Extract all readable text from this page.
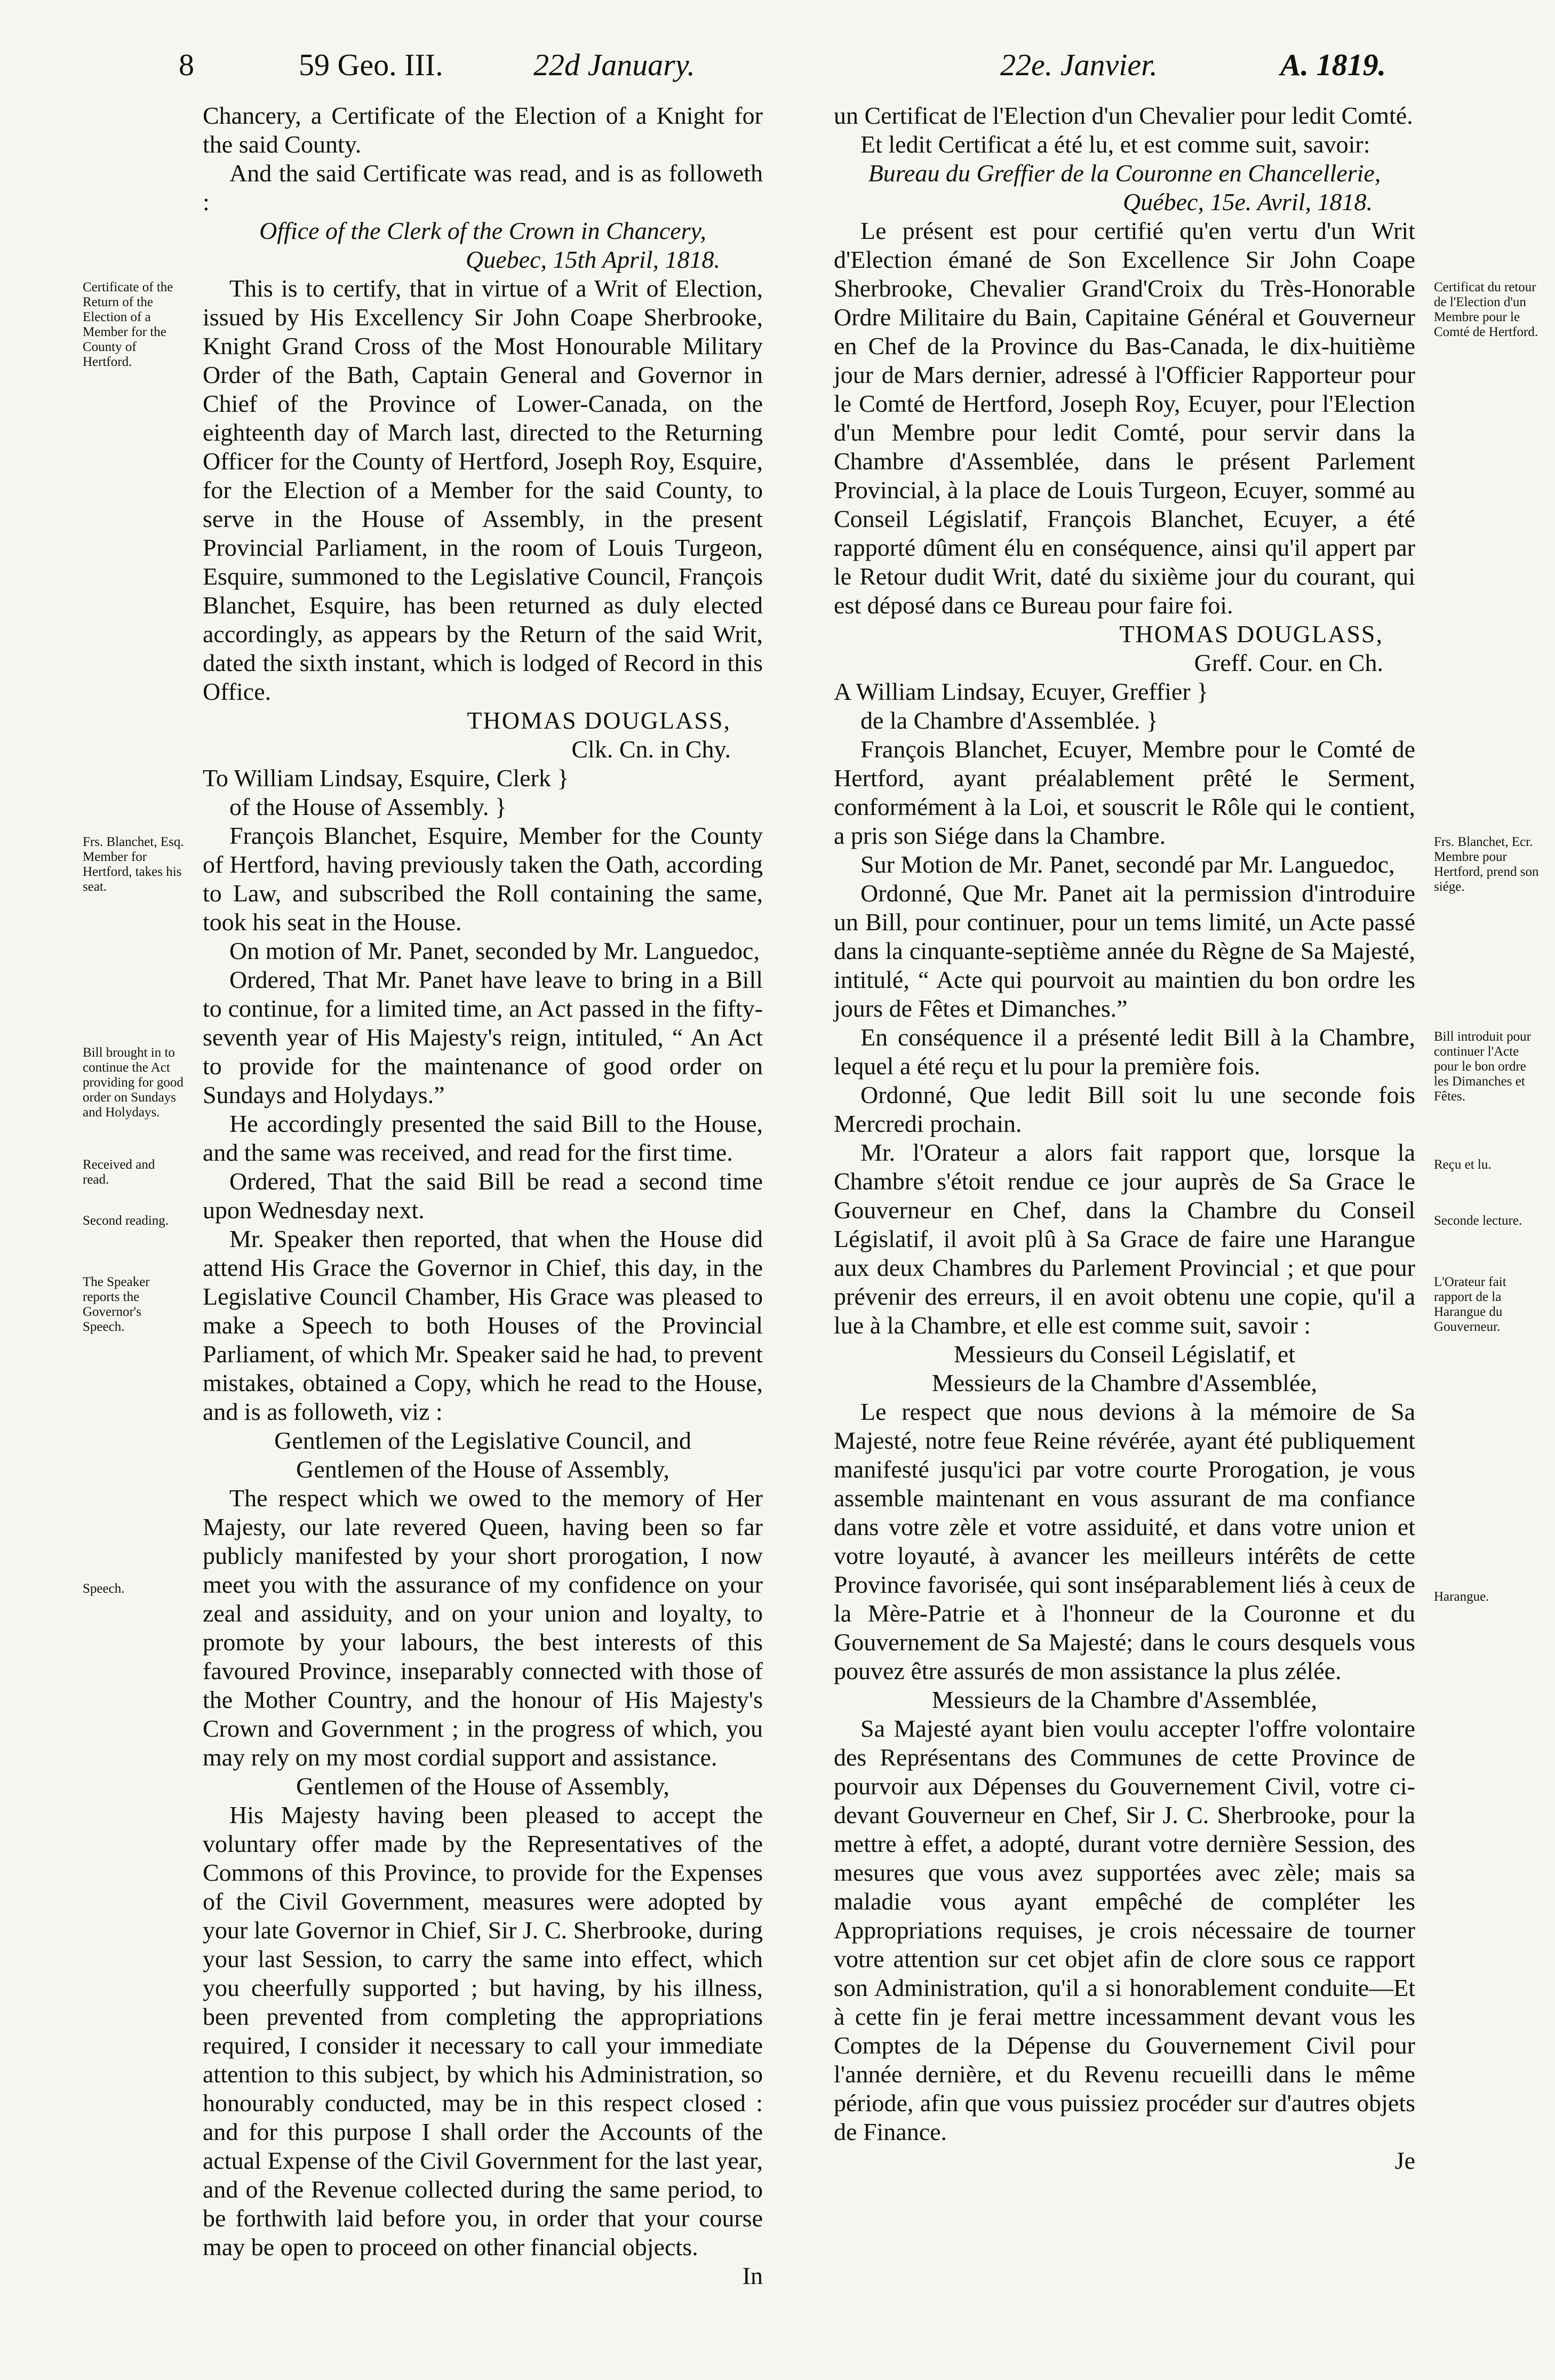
8	59 Geo. III.	22d January.	22e. Janvier.	A. 1819.

Chancery, a Certificate of the Election of a Knight for the said County.

And the said Certificate was read, and is as followeth :

Office of the Clerk of the Crown in Chancery,

Quebec, 15th April, 1818.

This is to certify, that in virtue of a Writ of Election, issued by His Excellency Sir John Coape Sherbrooke, Knight Grand Cross of the Most Honourable Military Order of the Bath, Captain General and Governor in Chief of the Province of Lower-Canada, on the eighteenth day of March last, directed to the Returning Officer for the County of Hertford, Joseph Roy, Esquire, for the Election of a Member for the said County, to serve in the House of Assembly, in the present Provincial Parliament, in the room of Louis Turgeon, Esquire, summoned to the Legislative Council, François Blanchet, Esquire, has been returned as duly elected accordingly, as appears by the Return of the said Writ, dated the sixth instant, which is lodged of Record in this Office.

THOMAS DOUGLASS,

Clk. Cn. in Chy.

To William Lindsay, Esquire, Clerk }

of the House of Assembly. }

François Blanchet, Esquire, Member for the County of Hertford, having previously taken the Oath, according to Law, and subscribed the Roll containing the same, took his seat in the House.

On motion of Mr. Panet, seconded by Mr. Languedoc,

Ordered, That Mr. Panet have leave to bring in a Bill to continue, for a limited time, an Act passed in the fifty-seventh year of His Majesty's reign, intituled, “ An Act to provide for the maintenance of good order on Sundays and Holydays.”

He accordingly presented the said Bill to the House, and the same was received, and read for the first time.

Ordered, That the said Bill be read a second time upon Wednesday next.

Mr. Speaker then reported, that when the House did attend His Grace the Governor in Chief, this day, in the Legislative Council Chamber, His Grace was pleased to make a Speech to both Houses of the Provincial Parliament, of which Mr. Speaker said he had, to prevent mistakes, obtained a Copy, which he read to the House, and is as followeth, viz :

Gentlemen of the Legislative Council, and

Gentlemen of the House of Assembly,

The respect which we owed to the memory of Her Majesty, our late revered Queen, having been so far publicly manifested by your short prorogation, I now meet you with the assurance of my confidence on your zeal and assiduity, and on your union and loyalty, to promote by your labours, the best interests of this favoured Province, inseparably connected with those of the Mother Country, and the honour of His Majesty's Crown and Government ; in the progress of which, you may rely on my most cordial support and assistance.

Gentlemen of the House of Assembly,

His Majesty having been pleased to accept the voluntary offer made by the Representatives of the Commons of this Province, to provide for the Expenses of the Civil Government, measures were adopted by your late Governor in Chief, Sir J. C. Sherbrooke, during your last Session, to carry the same into effect, which you cheerfully supported ; but having, by his illness, been prevented from completing the appropriations required, I consider it necessary to call your immediate attention to this subject, by which his Administration, so honourably conducted, may be in this respect closed : and for this purpose I shall order the Accounts of the actual Expense of the Civil Government for the last year, and of the Revenue collected during the same period, to be forthwith laid before you, in order that your course may be open to proceed on other financial objects.

In

un Certificat de l'Election d'un Chevalier pour ledit Comté.

Et ledit Certificat a été lu, et est comme suit, savoir:

Bureau du Greffier de la Couronne en Chancellerie,

Québec, 15e. Avril, 1818.

Le présent est pour certifié qu'en vertu d'un Writ d'Election émané de Son Excellence Sir John Coape Sherbrooke, Chevalier Grand'Croix du Très-Honorable Ordre Militaire du Bain, Capitaine Général et Gouverneur en Chef de la Province du Bas-Canada, le dix-huitième jour de Mars dernier, adressé à l'Officier Rapporteur pour le Comté de Hertford, Joseph Roy, Ecuyer, pour l'Election d'un Membre pour ledit Comté, pour servir dans la Chambre d'Assemblée, dans le présent Parlement Provincial, à la place de Louis Turgeon, Ecuyer, sommé au Conseil Législatif, François Blanchet, Ecuyer, a été rapporté dûment élu en conséquence, ainsi qu'il appert par le Retour dudit Writ, daté du sixième jour du courant, qui est déposé dans ce Bureau pour faire foi.

THOMAS DOUGLASS,

Greff. Cour. en Ch.

A William Lindsay, Ecuyer, Greffier }

de la Chambre d'Assemblée. }

François Blanchet, Ecuyer, Membre pour le Comté de Hertford, ayant préalablement prêté le Serment, conformément à la Loi, et souscrit le Rôle qui le contient, a pris son Siége dans la Chambre.

Sur Motion de Mr. Panet, secondé par Mr. Languedoc,

Ordonné, Que Mr. Panet ait la permission d'introduire un Bill, pour continuer, pour un tems limité, un Acte passé dans la cinquante-septième année du Règne de Sa Majesté, intitulé, “ Acte qui pourvoit au maintien du bon ordre les jours de Fêtes et Dimanches.”

En conséquence il a présenté ledit Bill à la Chambre, lequel a été reçu et lu pour la première fois.

Ordonné, Que ledit Bill soit lu une seconde fois Mercredi prochain.

Mr. l'Orateur a alors fait rapport que, lorsque la Chambre s'étoit rendue ce jour auprès de Sa Grace le Gouverneur en Chef, dans la Chambre du Conseil Législatif, il avoit plû à Sa Grace de faire une Harangue aux deux Chambres du Parlement Provincial ; et que pour prévenir des erreurs, il en avoit obtenu une copie, qu'il a lue à la Chambre, et elle est comme suit, savoir :

Messieurs du Conseil Législatif, et

Messieurs de la Chambre d'Assemblée,

Le respect que nous devions à la mémoire de Sa Majesté, notre feue Reine révérée, ayant été publiquement manifesté jusqu'ici par votre courte Prorogation, je vous assemble maintenant en vous assurant de ma confiance dans votre zèle et votre assiduité, et dans votre union et votre loyauté, à avancer les meilleurs intérêts de cette Province favorisée, qui sont inséparablement liés à ceux de la Mère-Patrie et à l'honneur de la Couronne et du Gouvernement de Sa Majesté; dans le cours desquels vous pouvez être assurés de mon assistance la plus zélée.

Messieurs de la Chambre d'Assemblée,

Sa Majesté ayant bien voulu accepter l'offre volontaire des Représentans des Communes de cette Province de pourvoir aux Dépenses du Gouvernement Civil, votre ci-devant Gouverneur en Chef, Sir J. C. Sherbrooke, pour la mettre à effet, a adopté, durant votre dernière Session, des mesures que vous avez supportées avec zèle; mais sa maladie vous ayant empêché de compléter les Appropriations requises, je crois nécessaire de tourner votre attention sur cet objet afin de clore sous ce rapport son Administration, qu'il a si honorablement conduite—Et à cette fin je ferai mettre incessamment devant vous les Comptes de la Dépense du Gouvernement Civil pour l'année dernière, et du Revenu recueilli dans le même période, afin que vous puissiez procéder sur d'autres objets de Finance.

Je

Certificate of the Return of the Election of a Member for the County of Hertford.
Frs. Blanchet, Esq. Member for Hertford, takes his seat.
Bill brought in to continue the Act providing for good order on Sundays and Holydays.
Received and read.
Second reading.
The Speaker reports the Governor's Speech.
Speech.
Certificat du retour de l'Election d'un Membre pour le Comté de Hertford.
Frs. Blanchet, Ecr. Membre pour Hertford, prend son siége.
Bill introduit pour continuer l'Acte pour le bon ordre les Dimanches et Fêtes.
Reçu et lu.
Seconde lecture.
L'Orateur fait rapport de la Harangue du Gouverneur.
Harangue.
